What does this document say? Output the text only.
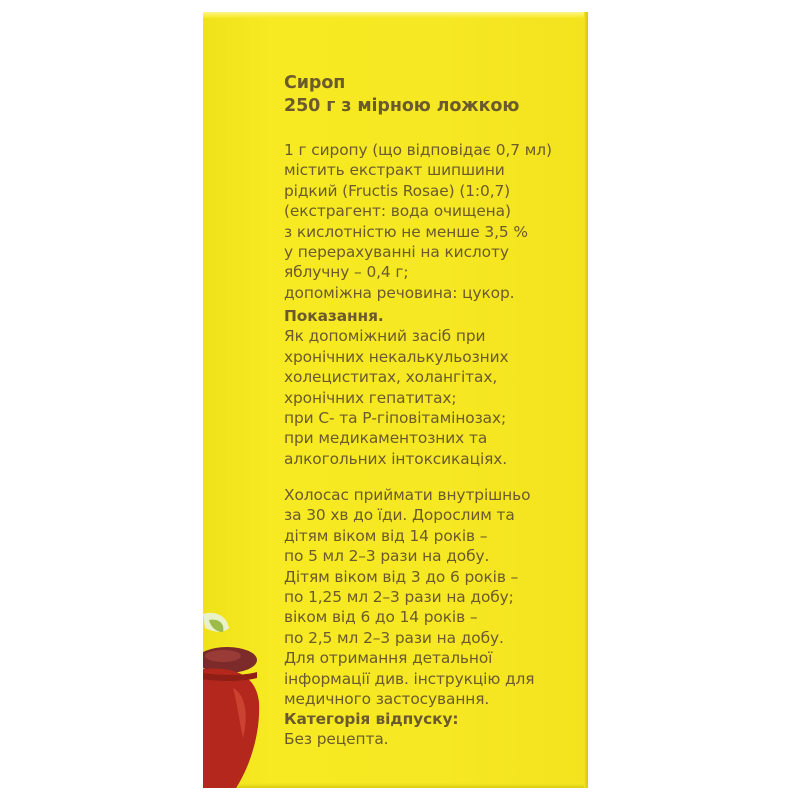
Сироп
250 г з мірною ложкою
1 г сиропу (що відповідає 0,7 мл)
містить екстракт шипшини
рідкий (Fructis Rosae) (1:0,7)
(екстрагент: вода очищена)
з кислотністю не менше 3,5 %
у перерахуванні на кислоту
яблучну – 0,4 г;
допоміжна речовина: цукор.
Показання.
Як допоміжний засіб при
хронічних некалькульозних
холециститах, холангітах,
хронічних гепатитах;
при С- та Р-гіповітамінозах;
при медикаментозних та
алкогольних інтоксикаціях.
Холосас приймати внутрішньо
за 30 хв до їди. Дорослим та
дітям віком від 14 років –
по 5 мл 2–3 рази на добу.
Дітям віком від 3 до 6 років –
по 1,25 мл 2–3 рази на добу;
віком від 6 до 14 років –
по 2,5 мл 2–3 рази на добу.
Для отримання детальної
інформації див. інструкцію для
медичного застосування.
Категорія відпуску:
Без рецепта.
